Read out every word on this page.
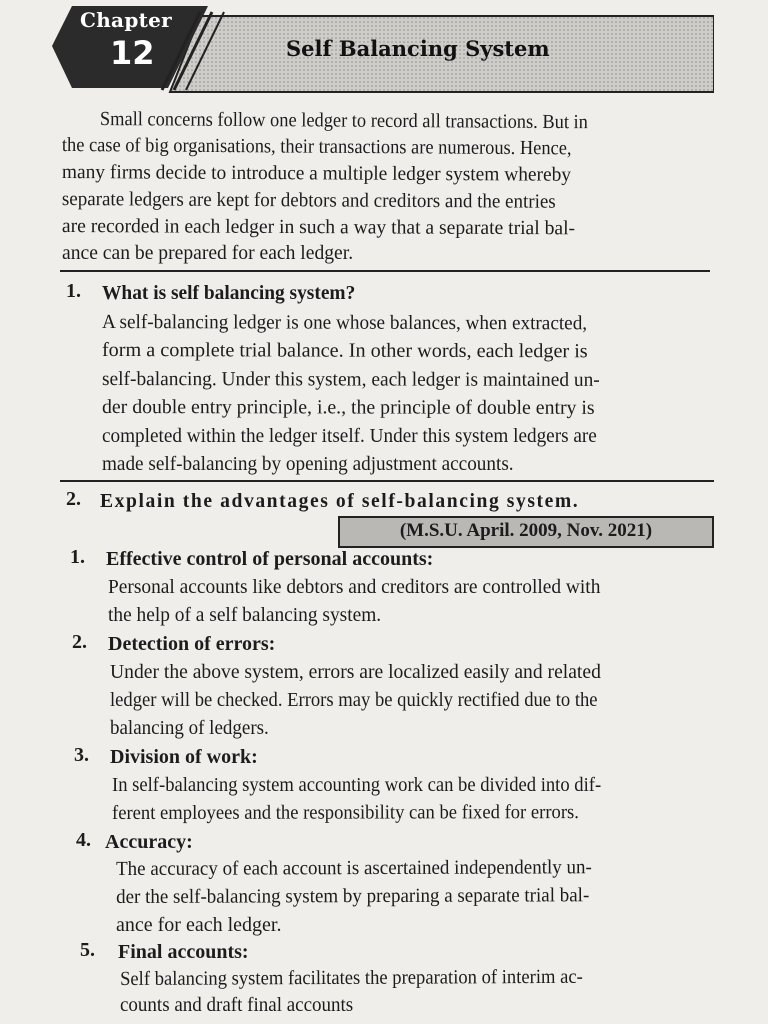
Chapter
12	Self Balancing System
Small concerns follow one ledger to record all transactions. But in
the case of big organisations, their transactions are numerous. Hence,
many firms decide to introduce a multiple ledger system whereby
separate ledgers are kept for debtors and creditors and the entries
are recorded in each ledger in such a way that a separate trial bal-
ance can be prepared for each ledger.
1. What is self balancing system?
A self-balancing ledger is one whose balances, when extracted,
form a complete trial balance. In other words, each ledger is
self-balancing. Under this system, each ledger is maintained un-
der double entry principle, i.e., the principle of double entry is
completed within the ledger itself. Under this system ledgers are
made self-balancing by opening adjustment accounts.
2. Explain the advantages of self-balancing system.
(M.S.U. April. 2009, Nov. 2021)
1. Effective control of personal accounts:
Personal accounts like debtors and creditors are controlled with
the help of a self balancing system.
2. Detection of errors:
Under the above system, errors are localized easily and related
ledger will be checked. Errors may be quickly rectified due to the
balancing of ledgers.
3. Division of work:
In self-balancing system accounting work can be divided into dif-
ferent employees and the responsibility can be fixed for errors.
4. Accuracy:
The accuracy of each account is ascertained independently un-
der the self-balancing system by preparing a separate trial bal-
ance for each ledger.
5. Final accounts:
Self balancing system facilitates the preparation of interim ac-
counts and draft final accounts
